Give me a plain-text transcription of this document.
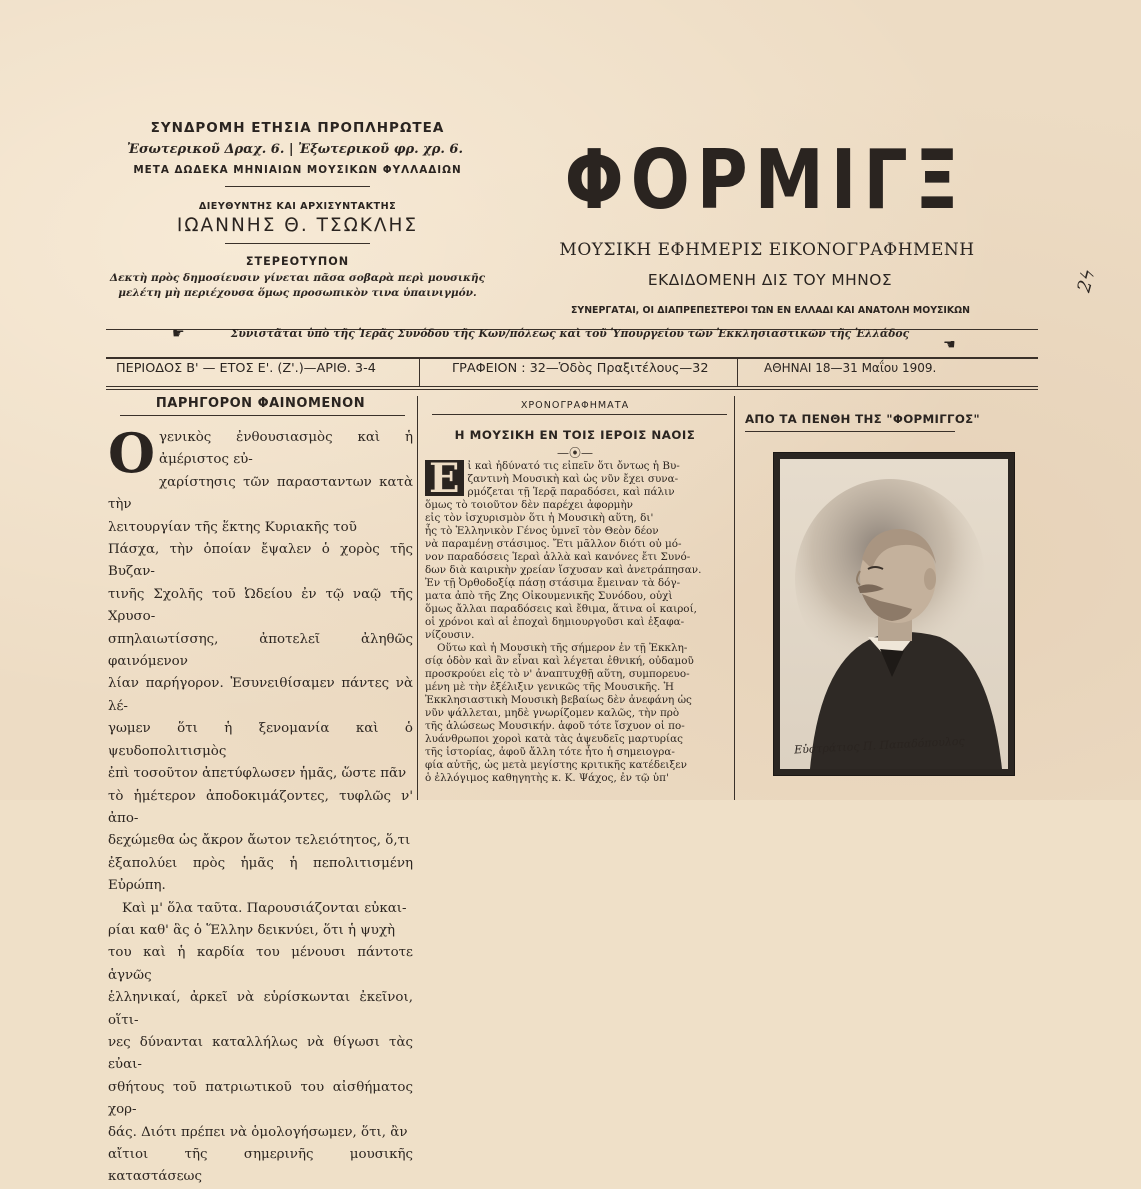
ΣΥΝΔΡΟΜΗ ΕΤΗΣΙΑ ΠΡΟΠΛΗΡΩΤΕΑ
Ἐσωτερικοῦ Δραχ. 6. | Ἐξωτερικοῦ φρ. χρ. 6.
ΜΕΤΑ ΔΩΔΕΚΑ ΜΗΝΙΑΙΩΝ ΜΟΥΣΙΚΩΝ ΦΥΛΛΑΔΙΩΝ
ΔΙΕΥΘΥΝΤΗΣ ΚΑΙ ΑΡΧΙΣΥΝΤΑΚΤΗΣ
ΙΩΑΝΝΗΣ Θ. ΤΣΩΚΛΗΣ
ΣΤΕΡΕΟΤΥΠΟΝ
Δεκτὴ πρὸς δημοσίευσιν γίνεται πᾶσα σοβαρὰ περὶ μουσικῆς μελέτη μὴ περιέχουσα ὅμως προσωπικὸν τινα ὑπαινιγμόν.
ΦΟΡΜΙΓΞ
ΜΟΥΣΙΚΗ ΕΦΗΜΕΡΙΣ ΕΙΚΟΝΟΓΡΑΦΗΜΕΝΗ
ΕΚΔΙΔΟΜΕΝΗ ΔΙΣ ΤΟΥ ΜΗΝΟΣ
ΣΥΝΕΡΓΑΤΑΙ, ΟΙ ΔΙΑΠΡΕΠΕΣΤΕΡΟΙ ΤΩΝ ΕΝ ΕΛΛΑΔΙ ΚΑΙ ΑΝΑΤΟΛΗ ΜΟΥΣΙΚΩΝ
2ϟ
☛	Συνιστᾶται ὑπὸ τῆς Ἱερᾶς Συνόδου τῆς Κων/πόλεως καὶ τοῦ Ὑπουργείου τῶν Ἐκκλησιαστικῶν τῆς Ἑλλάδος
☛
ΠΕΡΙΟΔΟΣ Β' — ΕΤΟΣ Ε'. (Ζ'.)—ΑΡΙΘ. 3-4	ΓΡΑΦΕΙΟΝ : 32—Ὁδὸς Πραξιτέλους—32	ΑΘΗΝΑΙ 18—31 Μαΐου 1909.
ΠΑΡΗΓΟΡΟΝ ΦΑΙΝΟΜΕΝΟΝ
Ο γενικὸς ἐνθουσιασμὸς καὶ ἡ ἀμέριστος εὐ-
χαρίστησις τῶν παρασταντων κατὰ τὴν
λειτουργίαν τῆς ἕκτης Κυριακῆς τοῦ
Πάσχα, τὴν ὁποίαν ἔψαλεν ὁ χορὸς τῆς Βυζαν-
τινῆς Σχολῆς τοῦ Ὠδείου ἐν τῷ ναῷ τῆς Χρυσο-
σπηλαιωτίσσης, ἀποτελεῖ ἀληθῶς φαινόμενον
λίαν παρήγορον. Ἐσυνειθίσαμεν πάντες νὰ λέ-
γωμεν ὅτι ἡ ξενομανία καὶ ὁ ψευδοπολιτισμὸς
ἐπὶ τοσοῦτον ἀπετύφλωσεν ἡμᾶς, ὥστε πᾶν
τὸ ἡμέτερον ἀποδοκιμάζοντες, τυφλῶς ν' ἀπο-
δεχώμεθα ὡς ἄκρον ἄωτον τελειότητος, ὅ,τι
ἐξαπολύει πρὸς ἡμᾶς ἡ πεπολιτισμένη Εὐρώπη.
Καὶ μ' ὅλα ταῦτα. Παρουσιάζονται εὐκαι-
ρίαι καθ' ἃς ὁ Ἕλλην δεικνύει, ὅτι ἡ ψυχὴ
του καὶ ἡ καρδία του μένουσι πάντοτε ἁγνῶς
ἑλληνικαί, ἀρκεῖ νὰ εὑρίσκωνται ἐκεῖνοι, οἵτι-
νες δύνανται καταλλήλως νὰ θίγωσι τὰς εὐαι-
σθήτους τοῦ πατριωτικοῦ του αἰσθήματος χορ-
δάς. Διότι πρέπει νὰ ὁμολογήσωμεν, ὅτι, ἂν
αἴτιοι τῆς σημερινῆς μουσικῆς καταστάσεως
ΧΡΟΝΟΓΡΑΦΗΜΑΤΑ
Η ΜΟΥΣΙΚΗ ΕΝ ΤΟΙΣ ΙΕΡΟΙΣ ΝΑΟΙΣ
—⦿—
Ε ἰ καὶ ἠδύνατό τις εἰπεῖν ὅτι ὄντως ἡ Βυ-
ζαντινὴ Μουσικὴ καὶ ὡς νῦν ἔχει συνα-
ρμόζεται τῇ Ἱερᾷ παραδόσει, καὶ πάλιν
ὅμως τὸ τοιοῦτον δὲν παρέχει ἀφορμὴν
εἰς τὸν ἰσχυρισμὸν ὅτι ἡ Μουσικὴ αὕτη, δι'
ἧς τὸ Ἑλληνικὸν Γένος ὑμνεῖ τὸν Θεὸν δέον
νὰ παραμένῃ στάσιμος. Ἔτι μᾶλλον διότι οὐ μό-
νον παραδόσεις Ἱεραὶ ἀλλὰ καὶ κανόνες ἔτι Συνό-
δων διὰ καιρικὴν χρείαν ἴσχυσαν καὶ ἀνετράπησαν.
Ἐν τῇ Ὀρθοδοξίᾳ πάσῃ στάσιμα ἔμειναν τὰ δόγ-
ματα ἀπὸ τῆς Ζης Οἰκουμενικῆς Συνόδου, οὐχὶ
ὅμως ἄλλαι παραδόσεις καὶ ἔθιμα, ἅτινα οἱ καιροί,
οἱ χρόνοι καὶ αἱ ἐποχαὶ δημιουργοῦσι καὶ ἐξαφα-
νίζουσιν.
Οὕτω καὶ ἡ Μουσικὴ τῆς σήμερον ἐν τῇ Ἐκκλη-
σίᾳ ὁδὸν καὶ ἂν εἶναι καὶ λέγεται ἐθνική, οὐδαμοῦ
προσκρούει εἰς τὸ ν' ἀναπτυχθῇ αὕτη, συμπορευο-
μένη μὲ τὴν ἐξέλιξιν γενικῶς τῆς Μουσικῆς. Ἡ
Ἐκκλησιαστικὴ Μουσικὴ βεβαίως δὲν ἀνεφάνη ὡς
νῦν ψάλλεται, μηδὲ γνωρίζομεν καλῶς, τὴν πρὸ
τῆς ἁλώσεως Μουσικήν. ἀφοῦ τότε ἴσχυον οἱ πο-
λυάνθρωποι χοροὶ κατὰ τὰς ἀψευδεῖς μαρτυρίας
τῆς ἱστορίας, ἀφοῦ ἄλλη τότε ἦτο ἡ σημειογρα-
φία αὐτῆς, ὡς μετὰ μεγίστης κριτικῆς κατέδειξεν
ὁ ἐλλόγιμος καθηγητὴς κ. Κ. Ψάχος, ἐν τῷ ὑπ'
ΑΠΟ ΤΑ ΠΕΝΘΗ ΤΗΣ "ΦΟΡΜΙΓΓΟΣ"
Εὐστράτιος Π. Παπαδόπουλος
